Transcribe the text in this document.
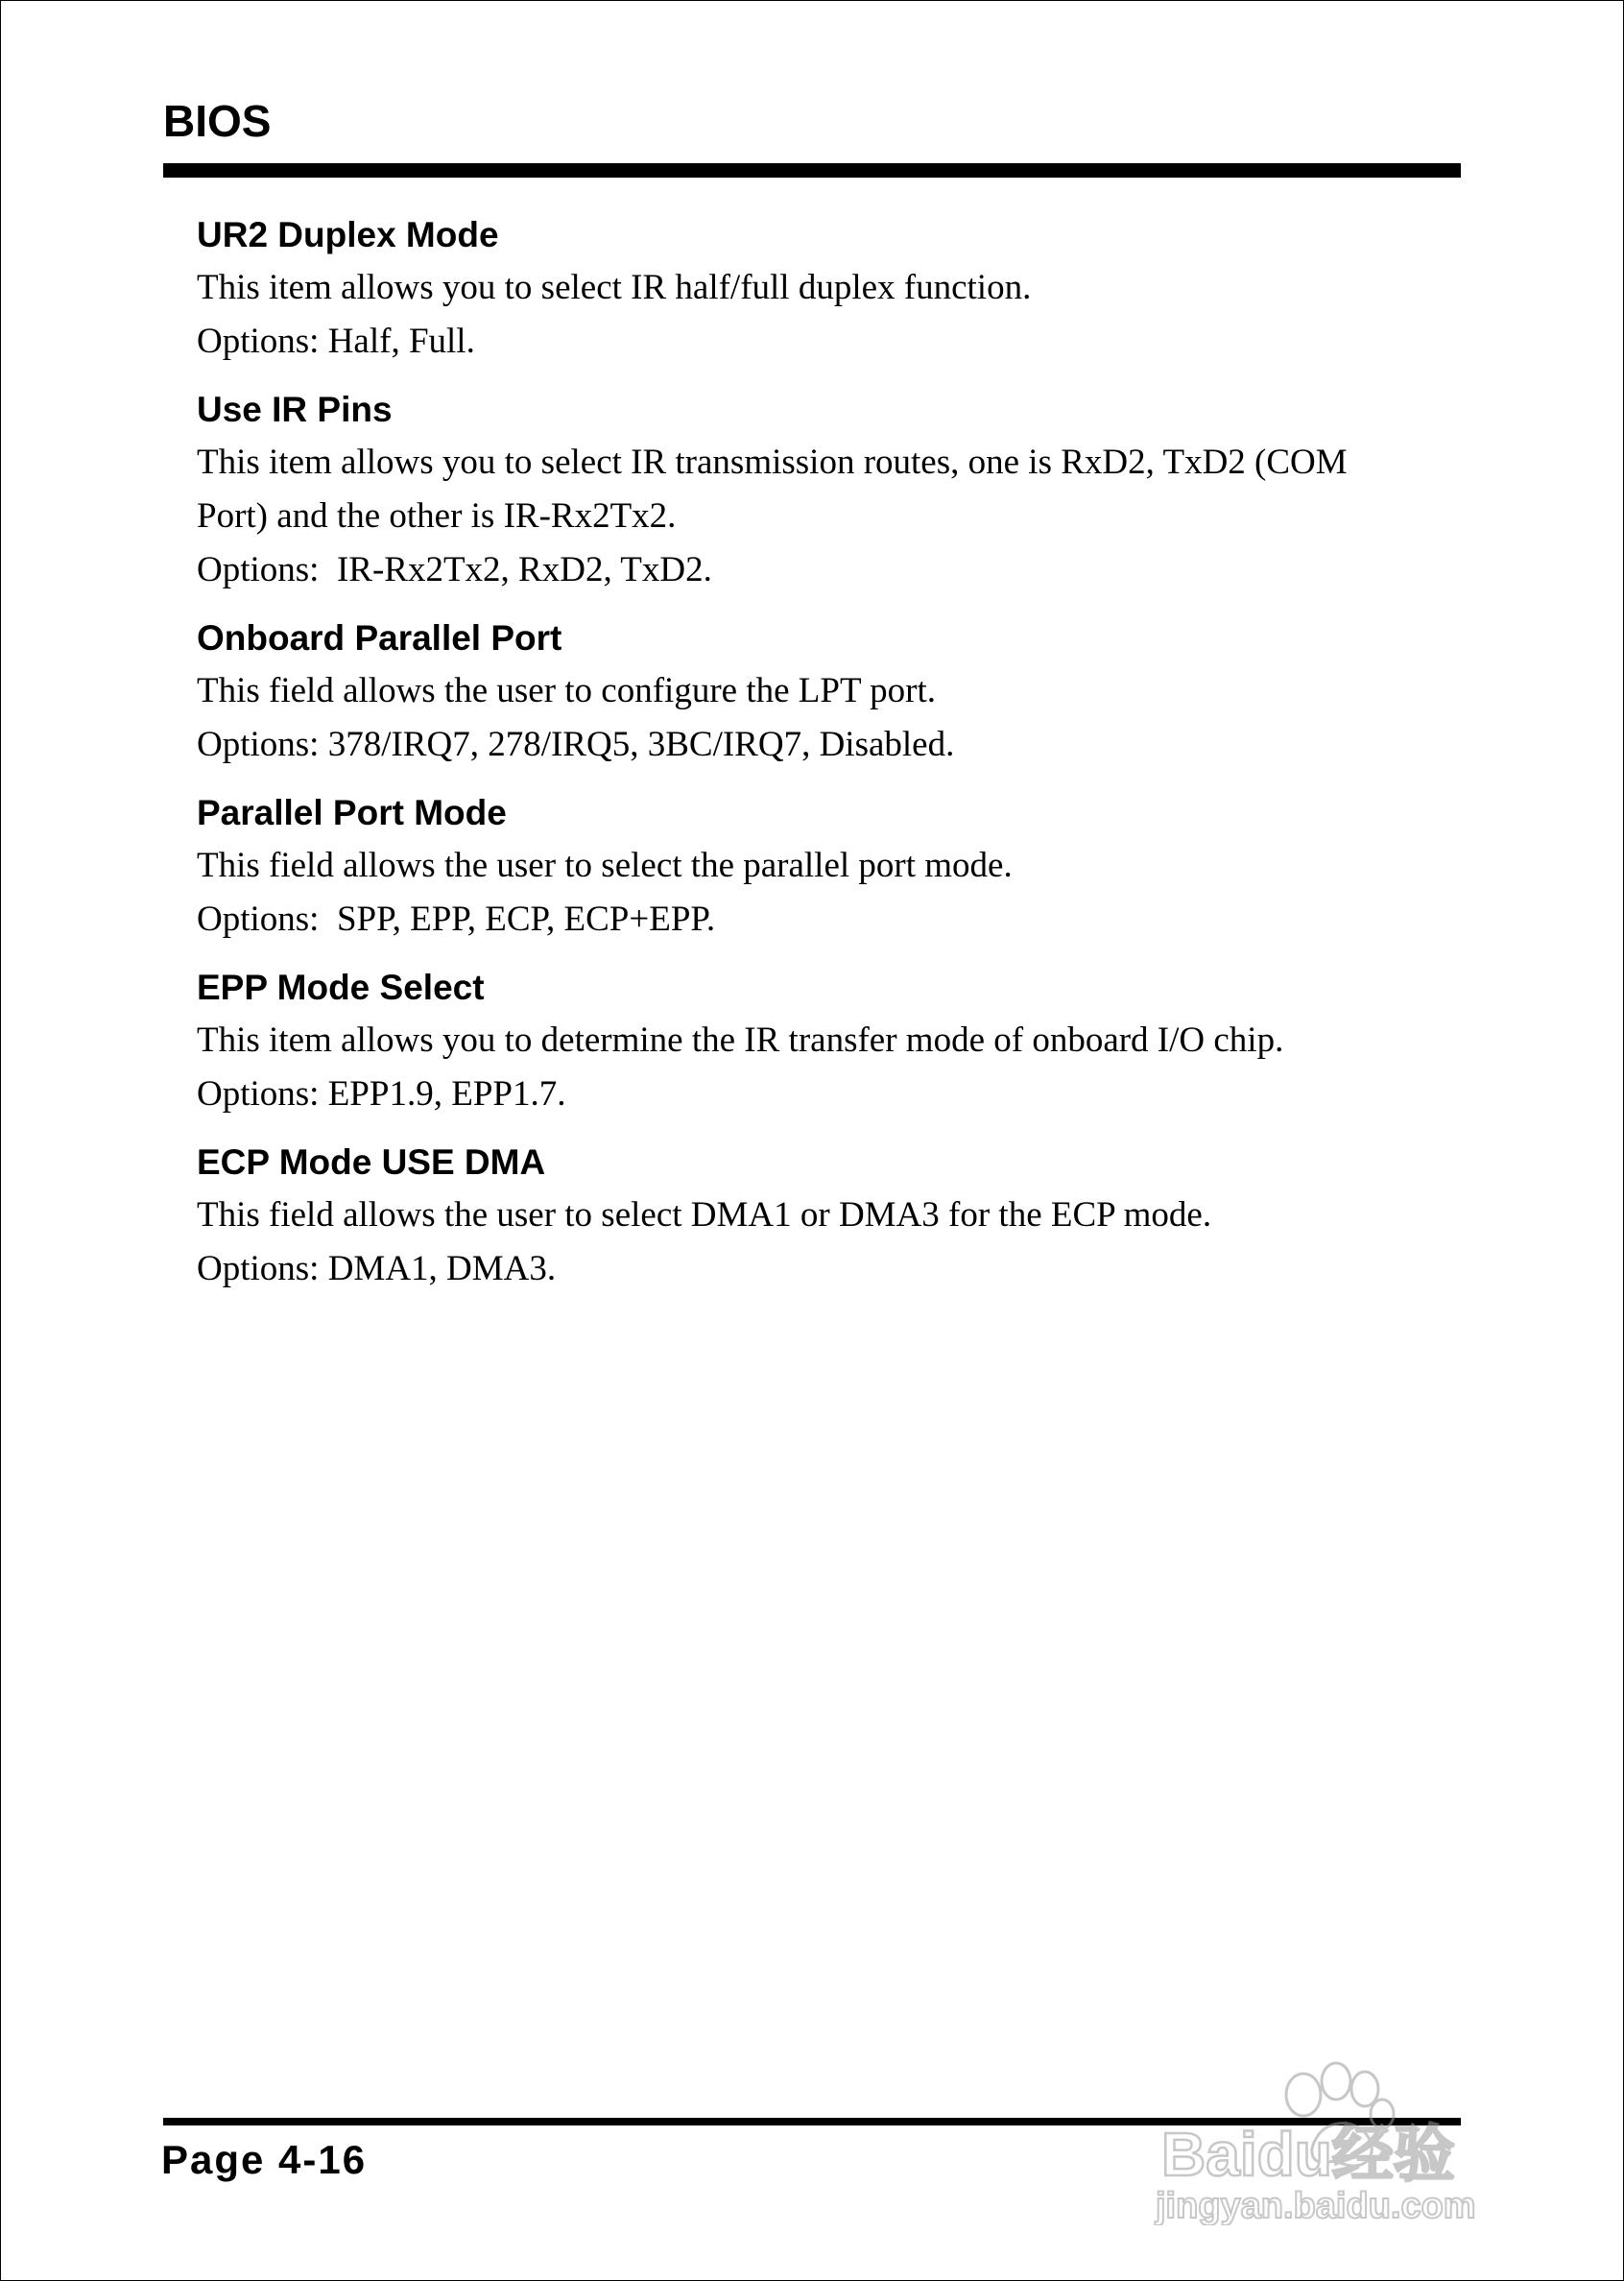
BIOS
UR2 Duplex Mode

This item allows you to select IR half/full duplex function.

Options: Half, Full.

Use IR Pins

This item allows you to select IR transmission routes, one is RxD2, TxD2 (COM

Port) and the other is IR-Rx2Tx2.

Options:  IR-Rx2Tx2, RxD2, TxD2.

Onboard Parallel Port

This field allows the user to configure the LPT port.

Options: 378/IRQ7, 278/IRQ5, 3BC/IRQ7, Disabled.

Parallel Port Mode

This field allows the user to select the parallel port mode.

Options:  SPP, EPP, ECP, ECP+EPP.

EPP Mode Select

This item allows you to determine the IR transfer mode of onboard I/O chip.

Options: EPP1.9, EPP1.7.

ECP Mode USE DMA

This field allows the user to select DMA1 or DMA3 for the ECP mode.

Options: DMA1, DMA3.

Page 4-16	Baidu经验
jingyan.baidu.com
